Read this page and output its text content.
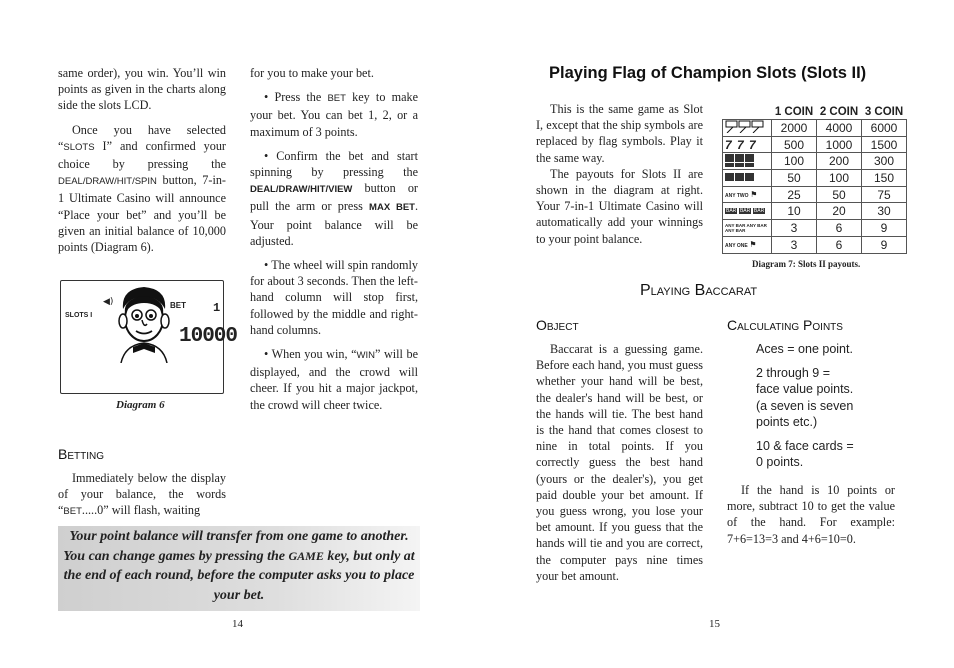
same order), you win. You’ll win points as given in the charts along side the slots LCD.

Once you have selected “SLOTS I” and confirmed your choice by pressing the DEAL/DRAW/HIT/SPIN button, 7-in-1 Ultimate Casino will announce “Place your bet” and you’ll be given an initial balance of 10,000 points (Diagram 6).

SLOTS I
◀)	BET 1
10000
Diagram 6
Betting

Immediately below the display of your balance, the words “BET.....0” will flash, waiting

for you to make your bet.

• Press the BET key to make your bet. You can bet 1, 2, or a maximum of 3 points.

• Confirm the bet and start spinning by pressing the DEAL/DRAW/HIT/VIEW button or pull the arm or press MAX BET. Your point balance will be adjusted.

• The wheel will spin randomly for about 3 seconds. Then the left-hand column will stop first, followed by the middle and right-hand columns.

• When you win, “WIN” will be displayed, and the crowd will cheer. If you hit a major jackpot, the crowd will cheer twice.

Your point balance will transfer from one game to another. You can change games by pressing the GAME key, but only at the end of each round, before the computer asks you to place your bet.
14
Playing Flag of Champion Slots (Slots II)

This is the same game as Slot I, except that the ship symbols are replaced by flag symbols. Play it the same way.

The payouts for Slots II are shown in the diagram at right. Your 7-in-1 Ultimate Casino will automatically add your winnings to your point balance.

	1 COIN	2 COIN	3 COIN
	2000	4000	6000
7 7 7	500	1000	1500

	100	200	300

	50	100	150
ANY TWO ⚑	25	50	75
BAR BAR BAR	10	20	30
ANY BAR ANY BAR ANY BAR	3	6	9
ANY ONE ⚑	3	6	9
Diagram 7: Slots II payouts.
Playing Baccarat
Object

Baccarat is a guessing game. Before each hand, you must guess whether your hand will be best, the dealer's hand will be best, or the hands will tie. The best hand is the hand that comes closest to nine in total points. If you correctly guess the best hand (yours or the dealer's), you get paid double your bet amount. If you guess wrong, you lose your bet amount. If you guess that the hands will tie and you are correct, the computer pays nine times your bet amount.

Calculating Points
Aces = one point.
2 through 9 =
face value points.
(a seven is seven
points etc.)
10 & face cards =
0 points.

If the hand is 10 points or more, subtract 10 to get the value of the hand. For example: 7+6=13=3 and 4+6=10=0.

15
